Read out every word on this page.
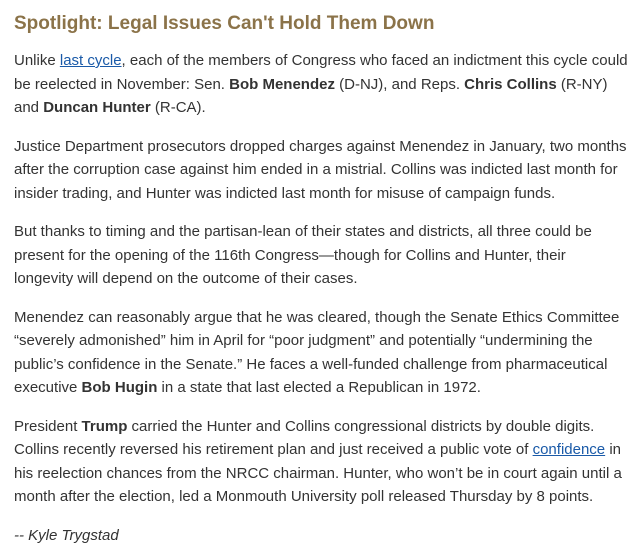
Spotlight: Legal Issues Can't Hold Them Down

Unlike last cycle, each of the members of Congress who faced an indictment this cycle could be reelected in November: Sen. Bob Menendez (D-NJ), and Reps. Chris Collins (R-NY) and Duncan Hunter (R-CA).

Justice Department prosecutors dropped charges against Menendez in January, two months after the corruption case against him ended in a mistrial. Collins was indicted last month for insider trading, and Hunter was indicted last month for misuse of campaign funds.

But thanks to timing and the partisan-lean of their states and districts, all three could be present for the opening of the 116th Congress—though for Collins and Hunter, their longevity will depend on the outcome of their cases.

Menendez can reasonably argue that he was cleared, though the Senate Ethics Committee “severely admonished” him in April for “poor judgment” and potentially “undermining the public’s confidence in the Senate.” He faces a well-funded challenge from pharmaceutical executive Bob Hugin in a state that last elected a Republican in 1972.

President Trump carried the Hunter and Collins congressional districts by double digits. Collins recently reversed his retirement plan and just received a public vote of confidence in his reelection chances from the NRCC chairman. Hunter, who won’t be in court again until a month after the election, led a Monmouth University poll released Thursday by 8 points.

-- Kyle Trygstad
